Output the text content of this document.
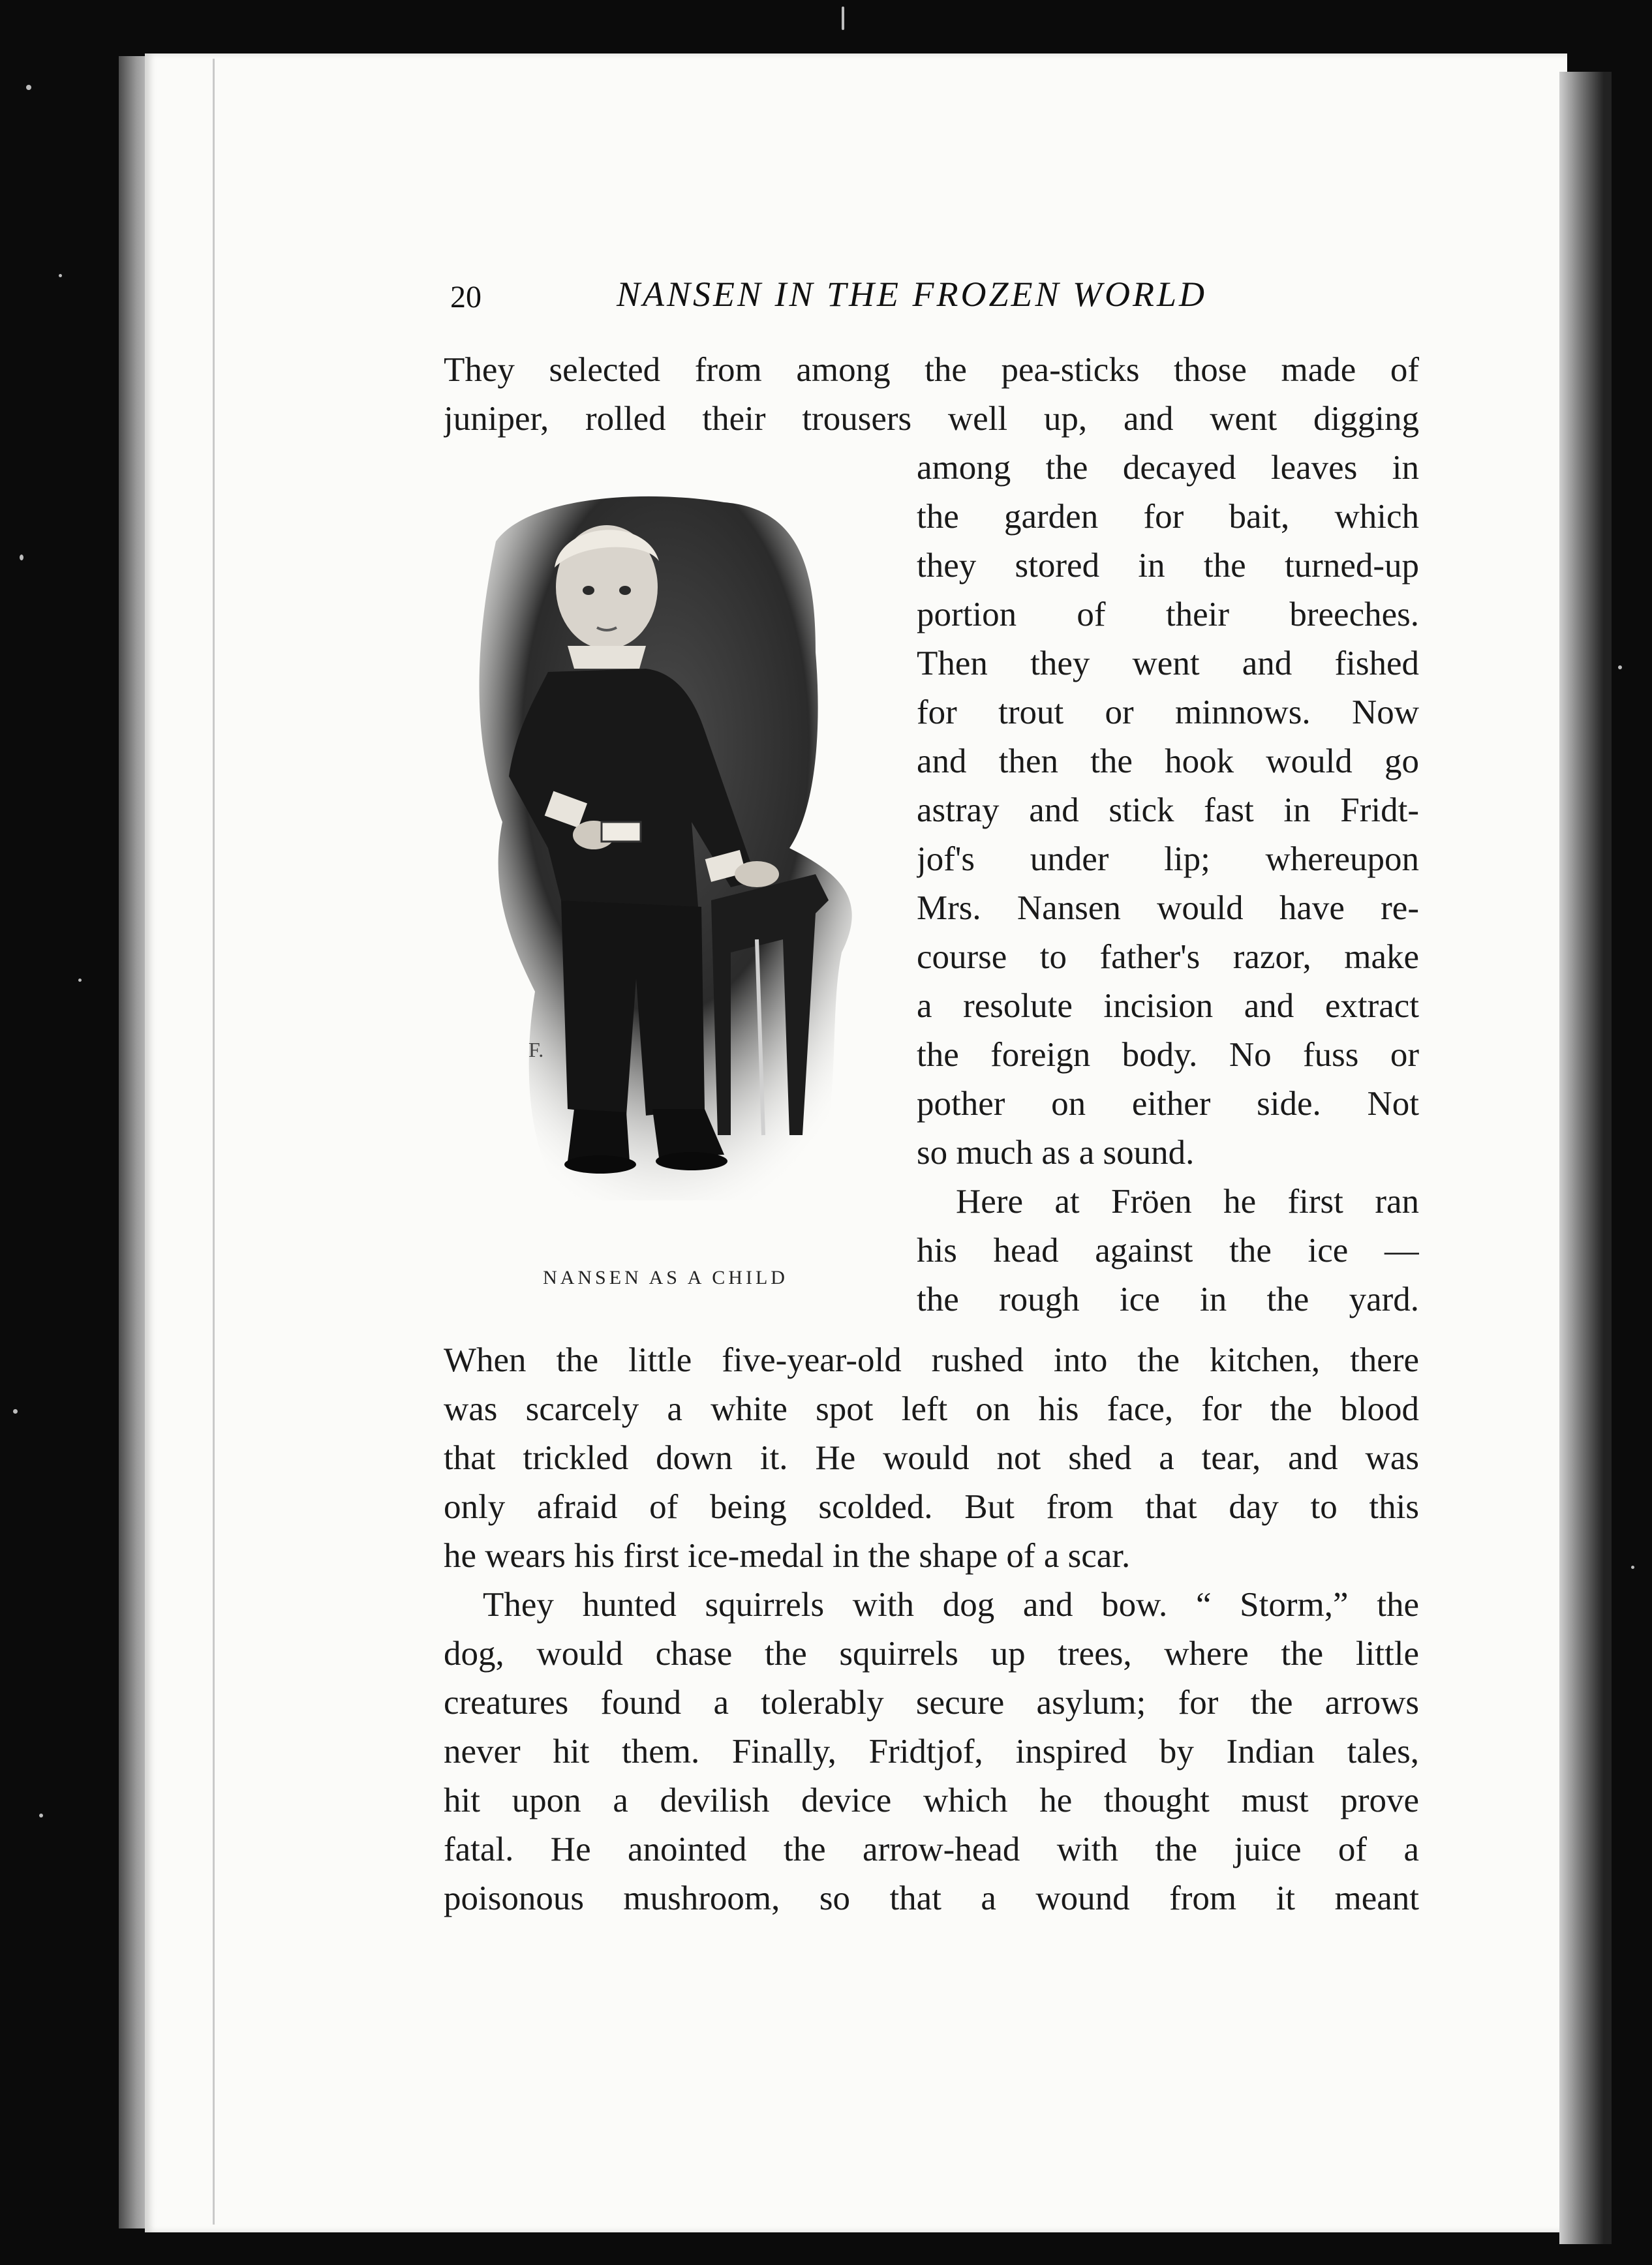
20	NANSEN IN THE FROZEN WORLD
They selected from among the pea-sticks those made of
juniper, rolled their trousers well up, and went digging
among the decayed leaves in
the garden for bait, which
they stored in the turned-up
portion of their breeches.
Then they went and fished
for trout or minnows. Now
and then the hook would go
astray and stick fast in Fridt-
jof's under lip; whereupon
Mrs. Nansen would have re-
course to father's razor, make
a resolute incision and extract
the foreign body. No fuss or
pother on either side. Not
so much as a sound.
Here at Fröen he first ran
his head against the ice —
the rough ice in the yard.
When the little five-year-old rushed into the kitchen, there
was scarcely a white spot left on his face, for the blood
that trickled down it. He would not shed a tear, and was
only afraid of being scolded. But from that day to this
he wears his first ice-medal in the shape of a scar.
They hunted squirrels with dog and bow. “ Storm,” the
dog, would chase the squirrels up trees, where the little
creatures found a tolerably secure asylum; for the arrows
never hit them. Finally, Fridtjof, inspired by Indian tales,
hit upon a devilish device which he thought must prove
fatal. He anointed the arrow-head with the juice of a
poisonous mushroom, so that a wound from it meant
F.
NANSEN AS A CHILD
